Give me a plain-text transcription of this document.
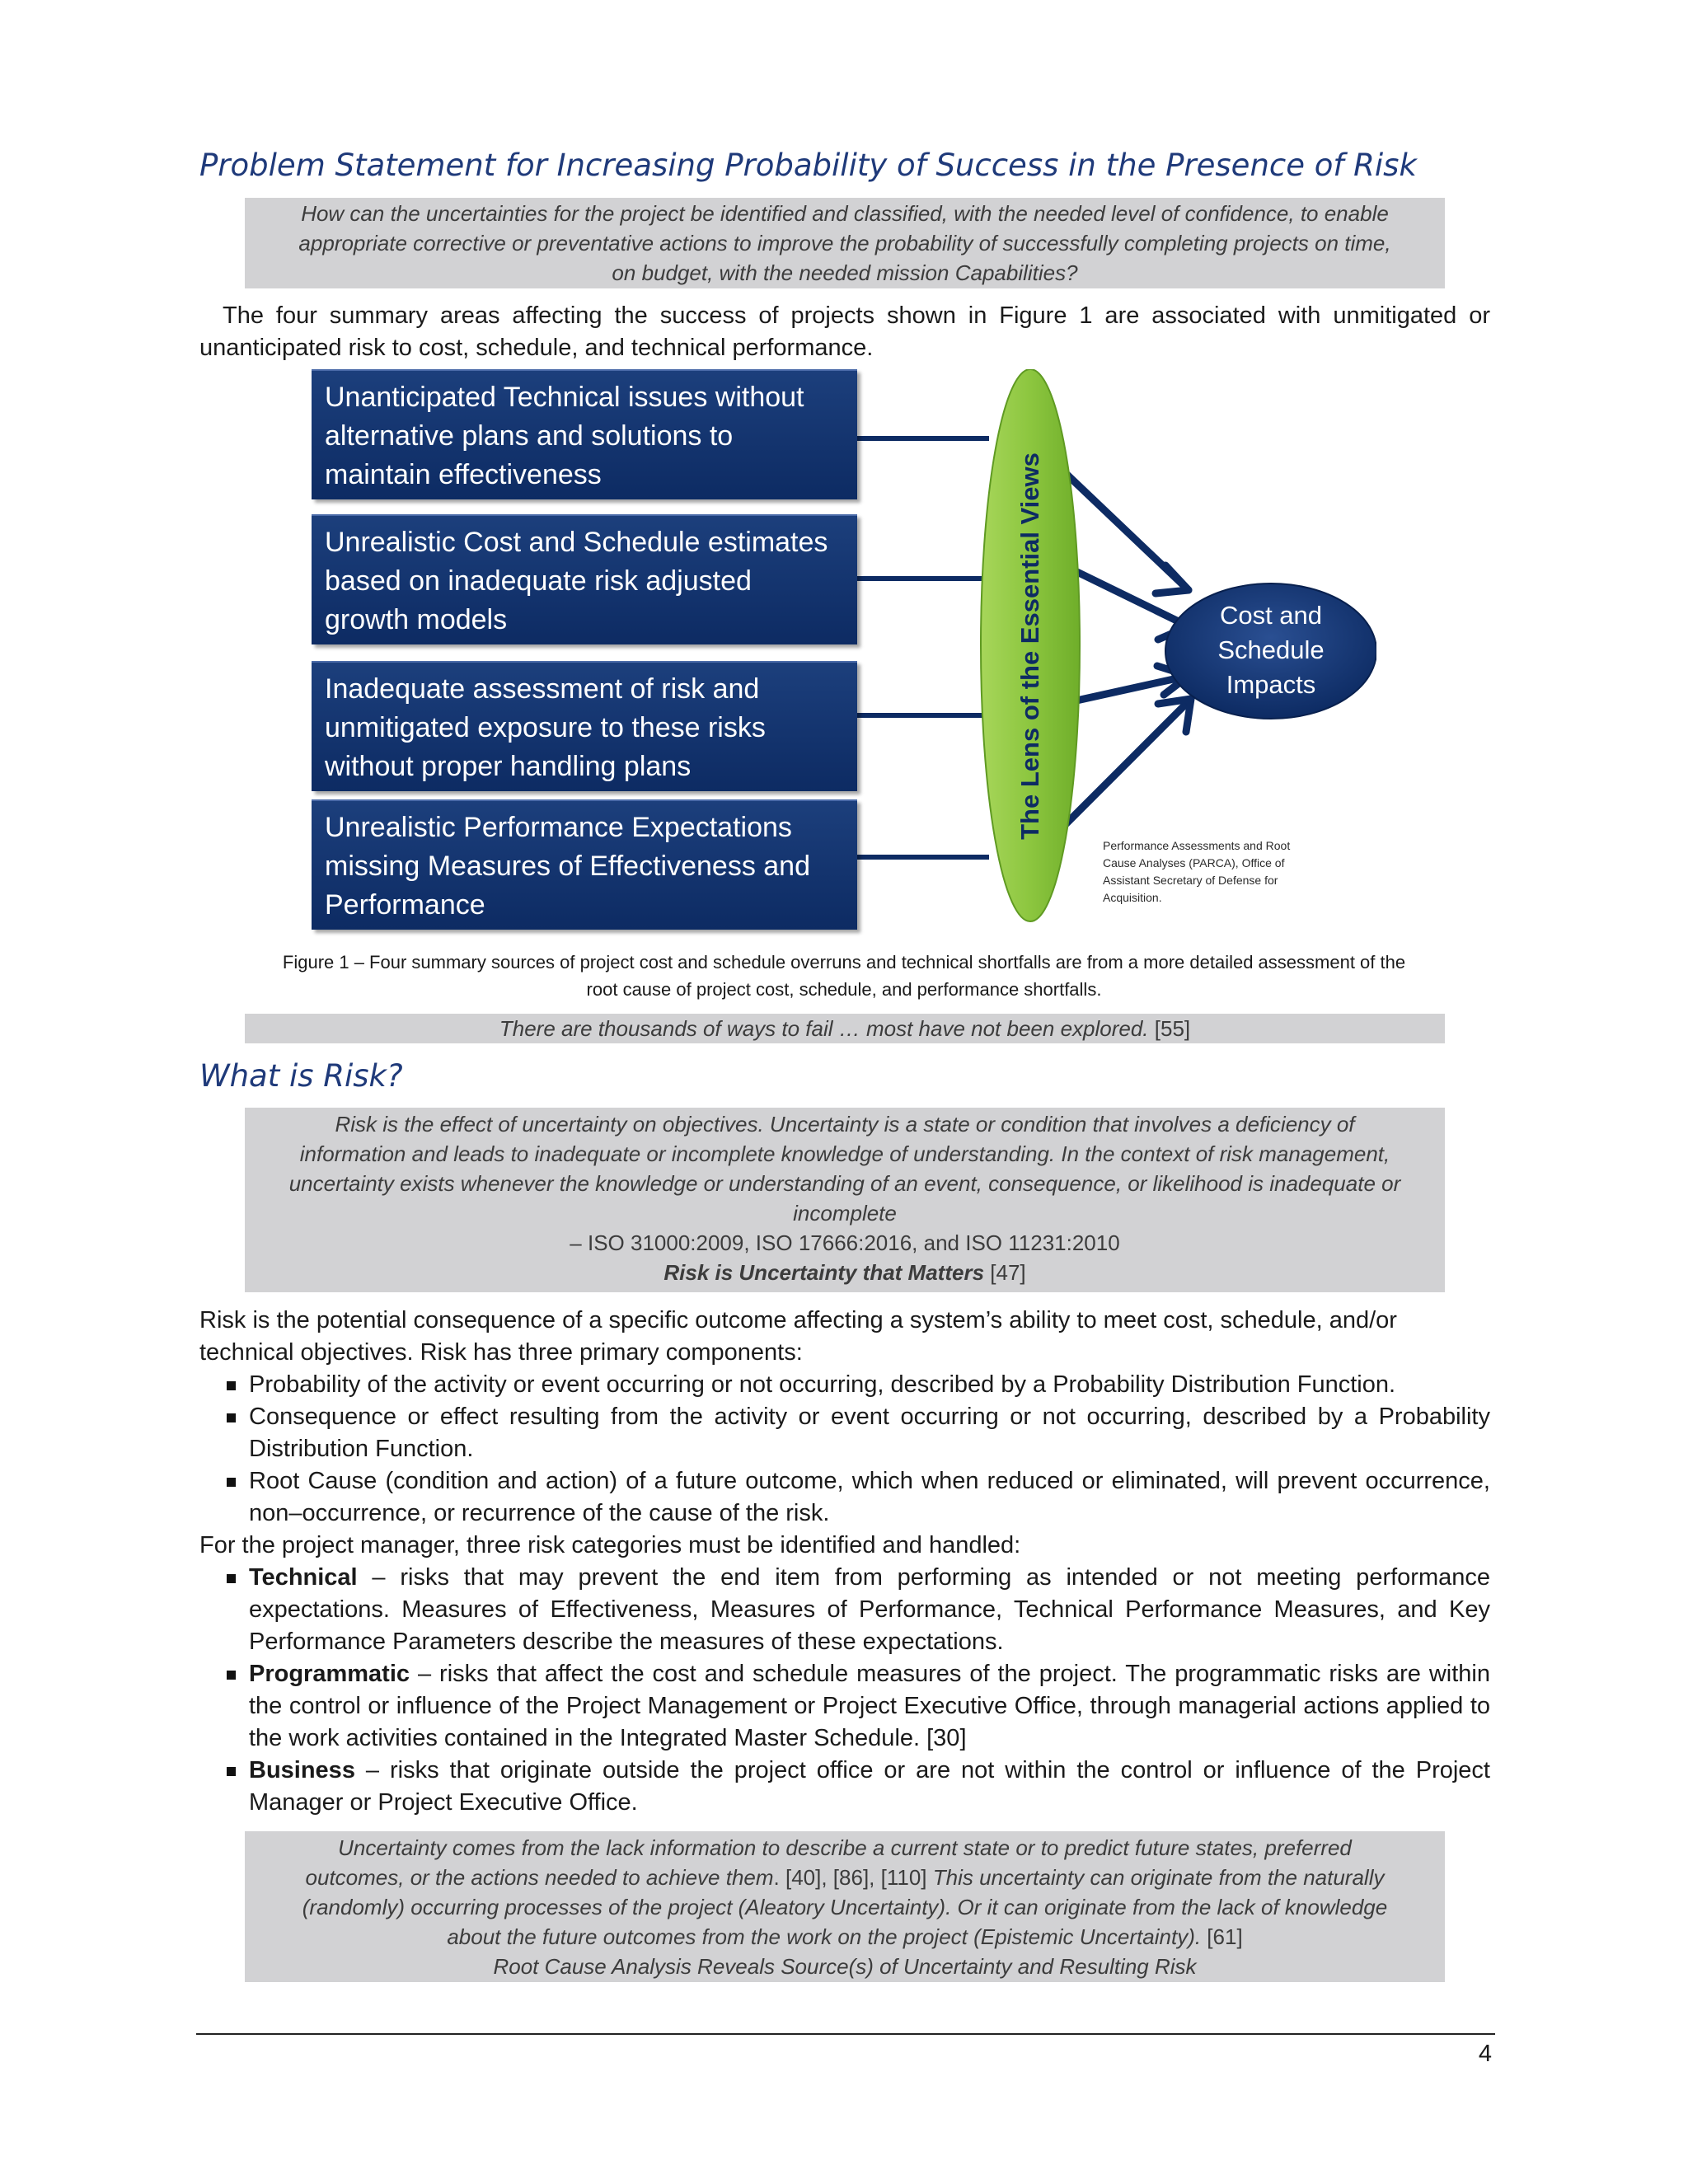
Problem Statement for Increasing Probability of Success in the Presence of Risk
How can the uncertainties for the project be identified and classified, with the needed level of confidence, to enable
appropriate corrective or preventative actions to improve the probability of successfully completing projects on time,
on budget, with the needed mission Capabilities?

The four summary areas affecting the success of projects shown in Figure 1 are associated with unmitigated or unanticipated risk to cost, schedule, and technical performance.

Unanticipated Technical issues without
alternative plans and solutions to
maintain effectiveness
Unrealistic Cost and Schedule estimates
based on inadequate risk adjusted
growth models
Inadequate assessment of risk and
unmitigated exposure to these risks
without proper handling plans
Unrealistic Performance Expectations
missing Measures of Effectiveness and
Performance
The Lens of the Essential Views	Cost and
Schedule
Impacts
Performance Assessments and Root
Cause Analyses (PARCA), Office of
Assistant Secretary of Defense for
Acquisition.
Figure 1 – Four summary sources of project cost and schedule overruns and technical shortfalls are from a more detailed assessment of the
root cause of project cost, schedule, and performance shortfalls.
There are thousands of ways to fail … most have not been explored. [55]
What is Risk?
Risk is the effect of uncertainty on objectives. Uncertainty is a state or condition that involves a deficiency of
information and leads to inadequate or incomplete knowledge of understanding. In the context of risk management,
uncertainty exists whenever the knowledge or understanding of an event, consequence, or likelihood is inadequate or
incomplete
– ISO 31000:2009, ISO 17666:2016, and ISO 11231:2010
Risk is Uncertainty that Matters [47]

Risk is the potential consequence of a specific outcome affecting a system’s ability to meet cost, schedule, and/or technical objectives. Risk has three primary components:

Probability of the activity or event occurring or not occurring, described by a Probability Distribution Function.
Consequence or effect resulting from the activity or event occurring or not occurring, described by a Probability Distribution Function.
Root Cause (condition and action) of a future outcome, which when reduced or eliminated, will prevent occurrence, non–occurrence, or recurrence of the cause of the risk.

For the project manager, three risk categories must be identified and handled:

Technical – risks that may prevent the end item from performing as intended or not meeting performance expectations. Measures of Effectiveness, Measures of Performance, Technical Performance Measures, and Key Performance Parameters describe the measures of these expectations.
Programmatic – risks that affect the cost and schedule measures of the project. The programmatic risks are within the control or influence of the Project Management or Project Executive Office, through managerial actions applied to the work activities contained in the Integrated Master Schedule. [30]
Business – risks that originate outside the project office or are not within the control or influence of the Project Manager or Project Executive Office.
Uncertainty comes from the lack information to describe a current state or to predict future states, preferred
outcomes, or the actions needed to achieve them. [40], [86], [110] This uncertainty can originate from the naturally
(randomly) occurring processes of the project (Aleatory Uncertainty). Or it can originate from the lack of knowledge
about the future outcomes from the work on the project (Epistemic Uncertainty). [61]
Root Cause Analysis Reveals Source(s) of Uncertainty and Resulting Risk
4
